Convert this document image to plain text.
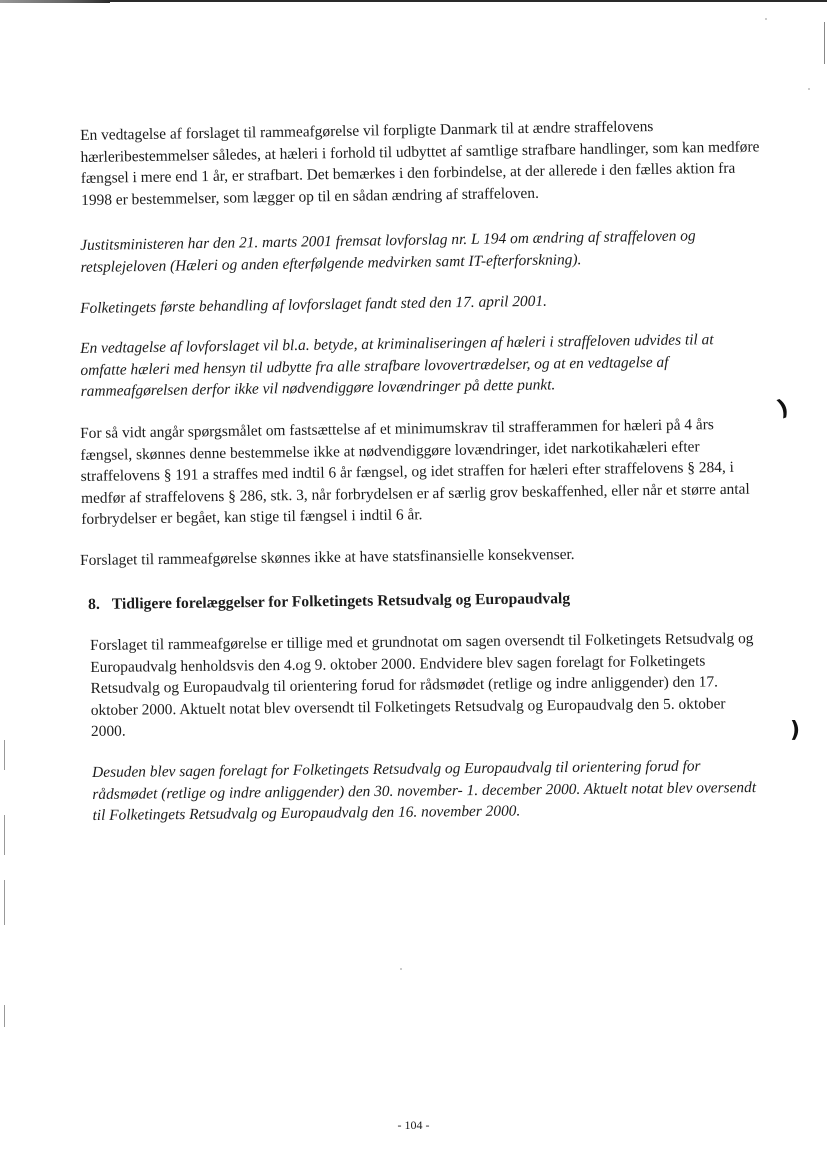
En vedtagelse af forslaget til rammeafgørelse vil forpligte Danmark til at ændre straffelovens hærleribestemmelser således, at hæleri i forhold til udbyttet af samtlige strafbare handlinger, som kan medføre fængsel i mere end 1 år, er strafbart. Det bemærkes i den forbindelse, at der allerede i den fælles aktion fra 1998 er bestemmelser, som lægger op til en sådan ændring af straffeloven.

Justitsministeren har den 21. marts 2001 fremsat lovforslag nr. L 194 om ændring af straffeloven og retsplejeloven (Hæleri og anden efterfølgende medvirken samt IT-efterforskning).

Folketingets første behandling af lovforslaget fandt sted den 17. april 2001.

En vedtagelse af lovforslaget vil bl.a. betyde, at kriminaliseringen af hæleri i straffeloven udvides til at omfatte hæleri med hensyn til udbytte fra alle strafbare lovovertrædelser, og at en vedtagelse af rammeafgørelsen derfor ikke vil nødvendiggøre lovændringer på dette punkt.

For så vidt angår spørgsmålet om fastsættelse af et minimumskrav til strafferammen for hæleri på 4 års fængsel, skønnes denne bestemmelse ikke at nødvendiggøre lovændringer, idet narkotikahæleri efter straffelovens § 191 a straffes med indtil 6 år fængsel, og idet straffen for hæleri efter straffelovens § 284, i medfør af straffelovens § 286, stk. 3, når forbrydelsen er af særlig grov beskaffenhed, eller når et større antal forbrydelser er begået, kan stige til fængsel i indtil 6 år.

Forslaget til rammeafgørelse skønnes ikke at have statsfinansielle konsekvenser.

8. Tidligere forelæggelser for Folketingets Retsudvalg og Europaudvalg

Forslaget til rammeafgørelse er tillige med et grundnotat om sagen oversendt til Folketingets Retsudvalg og Europaudvalg henholdsvis den 4.og 9. oktober 2000. Endvidere blev sagen forelagt for Folketingets Retsudvalg og Europaudvalg til orientering forud for rådsmødet (retlige og indre anliggender) den 17. oktober 2000. Aktuelt notat blev oversendt til Folketingets Retsudvalg og Europaudvalg den 5. oktober 2000.

Desuden blev sagen forelagt for Folketingets Retsudvalg og Europaudvalg til orientering forud for rådsmødet (retlige og indre anliggender) den 30. november- 1. december 2000. Aktuelt notat blev oversendt til Folketingets Retsudvalg og Europaudvalg den 16. november 2000.

)
)
- 104 -
